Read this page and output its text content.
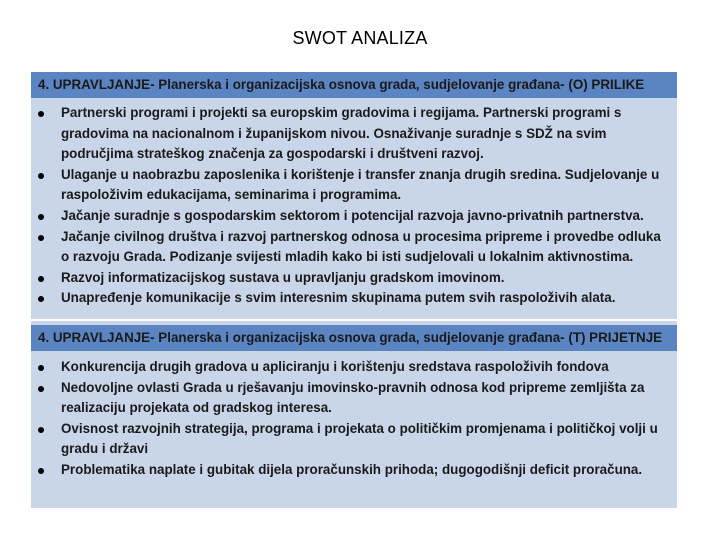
SWOT ANALIZA
4. UPRAVLJANJE- Planerska i organizacijska osnova grada, sudjelovanje građana- (O) PRILIKE
Partnerski programi i projekti sa europskim gradovima i regijama. Partnerski programi s gradovima na nacionalnom i županijskom nivou. Osnaživanje suradnje s SDŽ na svim područjima strateškog značenja za gospodarski i društveni razvoj.
Ulaganje u naobrazbu zaposlenika i korištenje i transfer znanja drugih sredina. Sudjelovanje u raspoloživim edukacijama, seminarima i programima.
Jačanje suradnje s gospodarskim sektorom i potencijal razvoja javno-privatnih partnerstva.
Jačanje civilnog društva i razvoj partnerskog odnosa u procesima pripreme i provedbe odluka o razvoju Grada. Podizanje svijesti mladih kako bi isti sudjelovali u lokalnim aktivnostima.
Razvoj informatizacijskog sustava u upravljanju gradskom imovinom.
Unapređenje komunikacije s svim interesnim skupinama putem svih raspoloživih alata.
4. UPRAVLJANJE- Planerska i organizacijska osnova grada, sudjelovanje građana- (T) PRIJETNJE
Konkurencija drugih gradova u apliciranju i korištenju sredstava raspoloživih fondova
Nedovoljne ovlasti Grada u rješavanju imovinsko-pravnih odnosa kod pripreme zemljišta za realizaciju projekata od gradskog interesa.
Ovisnost razvojnih strategija, programa i projekata o političkim promjenama i političkoj volji u gradu i državi
Problematika naplate i gubitak dijela proračunskih prihoda; dugogodišnji deficit proračuna.
